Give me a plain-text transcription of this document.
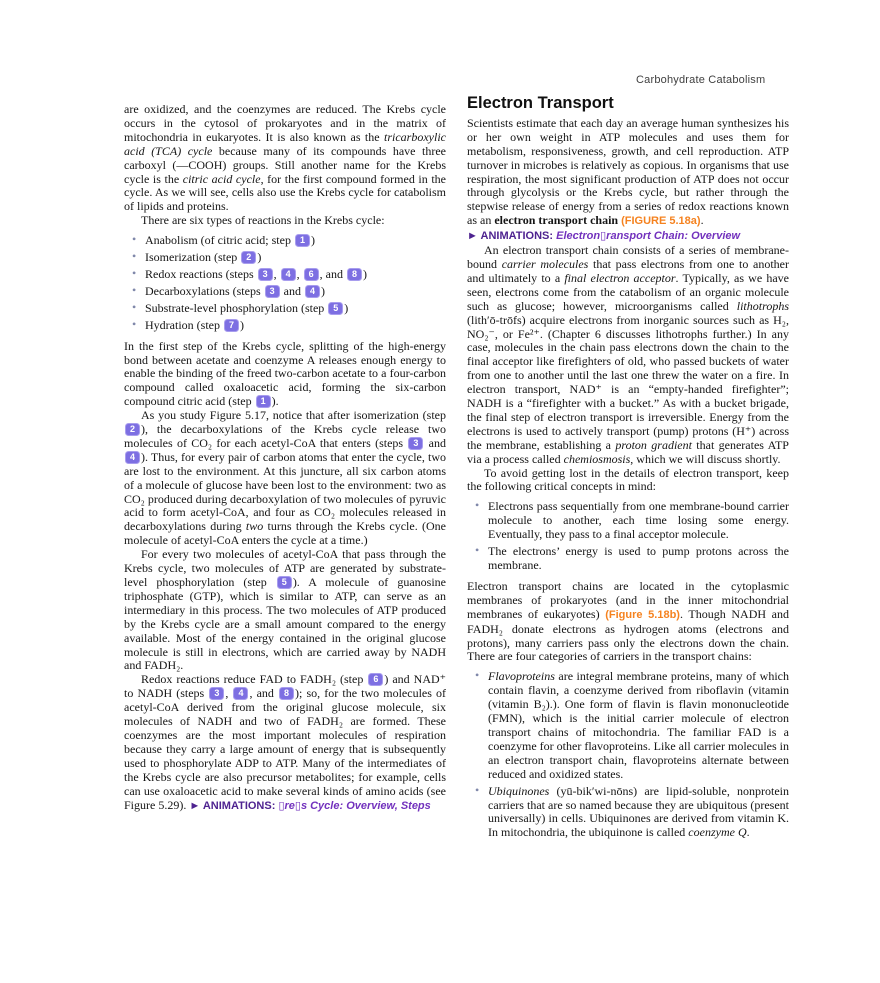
Carbohydrate Catabolism

are oxidized, and the coenzymes are reduced. The Krebs cycle occurs in the cytosol of prokaryotes and in the matrix of mitochondria in eukaryotes. It is also known as the tricarboxylic acid (TCA) cycle because many of its compounds have three carboxyl (—COOH) groups. Still another name for the Krebs cycle is the citric acid cycle, for the first compound formed in the cycle. As we will see, cells also use the Krebs cycle for catabolism of lipids and proteins.

There are six types of reactions in the Krebs cycle:

• Anabolism (of citric acid; step 1 )
• Isomerization (step 2 )
• Redox reactions (steps 3 , 4 , 6 , and 8 )
• Decarboxylations (steps 3 and 4 )
• Substrate-level phosphorylation (step 5 )
• Hydration (step 7 )

In the first step of the Krebs cycle, splitting of the high-energy bond between acetate and coenzyme A releases enough energy to enable the binding of the freed two-carbon acetate to a four-carbon compound called oxaloacetic acid, forming the six-carbon compound citric acid (step 1 ).

As you study Figure 5.17, notice that after isomerization (step 2 ), the decarboxylations of the Krebs cycle release two molecules of CO₂ for each acetyl-CoA that enters (steps 3 and 4 ). Thus, for every pair of carbon atoms that enter the cycle, two are lost to the environment. At this juncture, all six carbon atoms of a molecule of glucose have been lost to the environment: two as CO₂ produced during decarboxylation of two molecules of pyruvic acid to form acetyl-CoA, and four as CO₂ molecules released in decarboxylations during two turns through the Krebs cycle. (One molecule of acetyl-CoA enters the cycle at a time.)

For every two molecules of acetyl-CoA that pass through the Krebs cycle, two molecules of ATP are generated by substrate-level phosphorylation (step 5 ). A molecule of guanosine triphosphate (GTP), which is similar to ATP, can serve as an intermediary in this process. The two molecules of ATP produced by the Krebs cycle are a small amount compared to the energy available. Most of the energy contained in the original glucose molecule is still in electrons, which are carried away by NADH and FADH₂.

Redox reactions reduce FAD to FADH₂ (step 6 ) and NAD⁺ to NADH (steps 3 , 4 , and 8 ); so, for the two molecules of acetyl-CoA derived from the original glucose molecule, six molecules of NADH and two of FADH₂ are formed. These coenzymes are the most important molecules of respiration because they carry a large amount of energy that is subsequently used to phosphorylate ADP to ATP. Many of the intermediates of the Krebs cycle are also precursor metabolites; for example, cells can use oxaloacetic acid to make several kinds of amino acids (see Figure 5.29). ► ANIMATIONS: ▯re▯s Cycle: Overview, Steps

Electron Transport

Scientists estimate that each day an average human synthesizes his or her own weight in ATP molecules and uses them for metabolism, responsiveness, growth, and cell reproduction. ATP turnover in microbes is relatively as copious. In organisms that use respiration, the most significant production of ATP does not occur through glycolysis or the Krebs cycle, but rather through the stepwise release of energy from a series of redox reactions known as an electron transport chain (FIGURE 5.18a).

► ANIMATIONS: Electron▯ransport Chain: Overview

An electron transport chain consists of a series of membrane-bound carrier molecules that pass electrons from one to another and ultimately to a final electron acceptor. Typically, as we have seen, electrons come from the catabolism of an organic molecule such as glucose; however, microorganisms called lithotrophs (lith′ō-trōfs) acquire electrons from inorganic sources such as H₂, NO₂⁻, or Fe²⁺. (Chapter 6 discusses lithotrophs further.) In any case, molecules in the chain pass electrons down the chain to the final acceptor like firefighters of old, who passed buckets of water from one to another until the last one threw the water on a fire. In electron transport, NAD⁺ is an “empty-handed firefighter”; NADH is a “firefighter with a bucket.” As with a bucket brigade, the final step of electron transport is irreversible. Energy from the electrons is used to actively transport (pump) protons (H⁺) across the membrane, establishing a proton gradient that generates ATP via a process called chemiosmosis, which we will discuss shortly.

To avoid getting lost in the details of electron transport, keep the following critical concepts in mind:

• Electrons pass sequentially from one membrane-bound carrier molecule to another, each time losing some energy. Eventually, they pass to a final acceptor molecule.
• The electrons’ energy is used to pump protons across the membrane.

Electron transport chains are located in the cytoplasmic membranes of prokaryotes (and in the inner mitochondrial membranes of eukaryotes) (Figure 5.18b). Though NADH and FADH₂ donate electrons as hydrogen atoms (electrons and protons), many carriers pass only the electrons down the chain. There are four categories of carriers in the transport chains:

• Flavoproteins are integral membrane proteins, many of which contain flavin, a coenzyme derived from riboflavin (vitamin (vitamin B₂).). One form of flavin is flavin mononucleotide (FMN), which is the initial carrier molecule of electron transport chains of mitochondria. The familiar FAD is a coenzyme for other flavoproteins. Like all carrier molecules in an electron transport chain, flavoproteins alternate between reduced and oxidized states.
• Ubiquinones (yū-bik′wi-nōns) are lipid-soluble, nonprotein carriers that are so named because they are ubiquitous (present universally) in cells. Ubiquinones are derived from vitamin K. In mitochondria, the ubiquinone is called coenzyme Q.
